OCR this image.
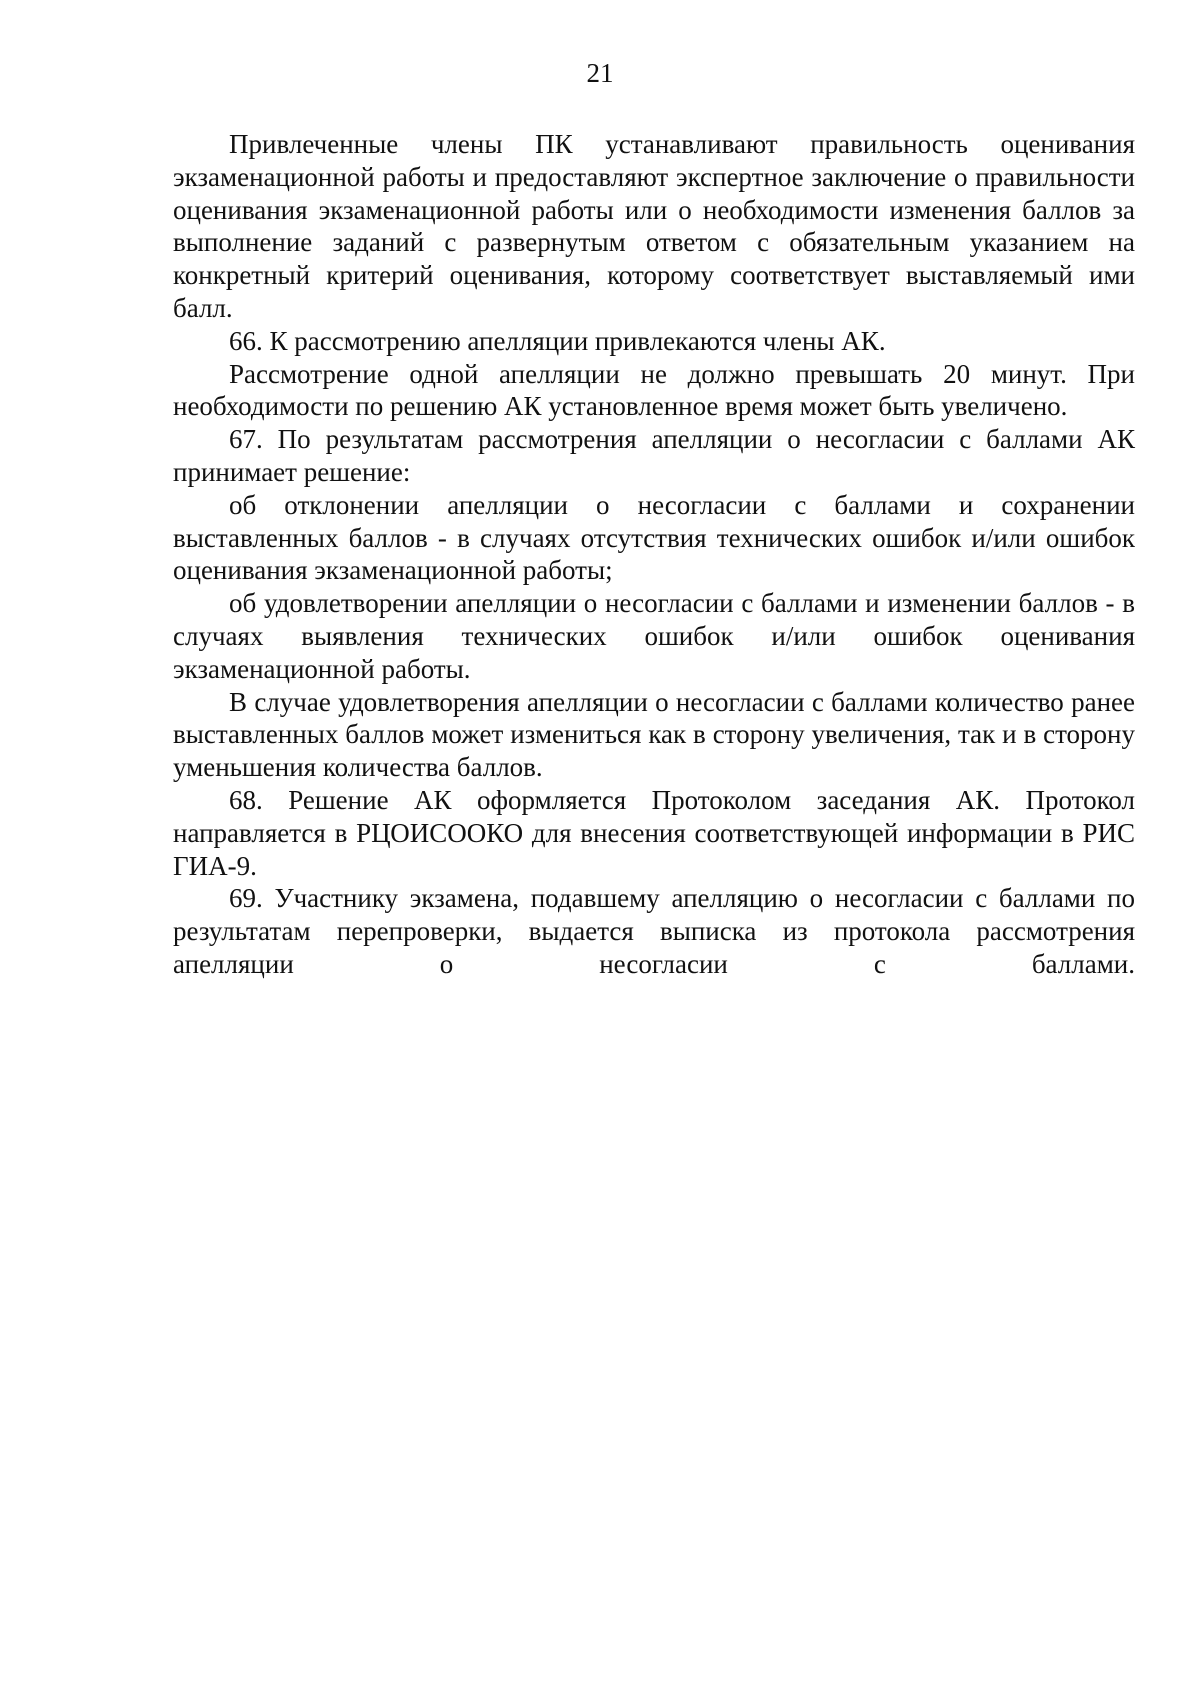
21

Привлеченные члены ПК устанавливают правильность оценивания экзаменационной работы и предоставляют экспертное заключение о правильности оценивания экзаменационной работы или о необходимости изменения баллов за выполнение заданий с развернутым ответом с обязательным указанием на конкретный критерий оценивания, которому соответствует выставляемый ими балл.

66. К рассмотрению апелляции привлекаются члены АК.

Рассмотрение одной апелляции не должно превышать 20 минут. При необходимости по решению АК установленное время может быть увеличено.

67. По результатам рассмотрения апелляции о несогласии с баллами АК принимает решение:

об отклонении апелляции о несогласии с баллами и сохранении выставленных баллов - в случаях отсутствия технических ошибок и/или ошибок оценивания экзаменационной работы;

об удовлетворении апелляции о несогласии с баллами и изменении баллов - в случаях выявления технических ошибок и/или ошибок оценивания экзаменационной работы.

В случае удовлетворения апелляции о несогласии с баллами количество ранее выставленных баллов может измениться как в сторону увеличения, так и в сторону уменьшения количества баллов.

68. Решение АК оформляется Протоколом заседания АК. Протокол направляется в РЦОИСООКО для внесения соответствующей информации в РИС ГИА-9.

69. Участнику экзамена, подавшему апелляцию о несогласии с баллами по результатам перепроверки, выдается выписка из протокола рассмотрения апелляции о несогласии с баллами.
